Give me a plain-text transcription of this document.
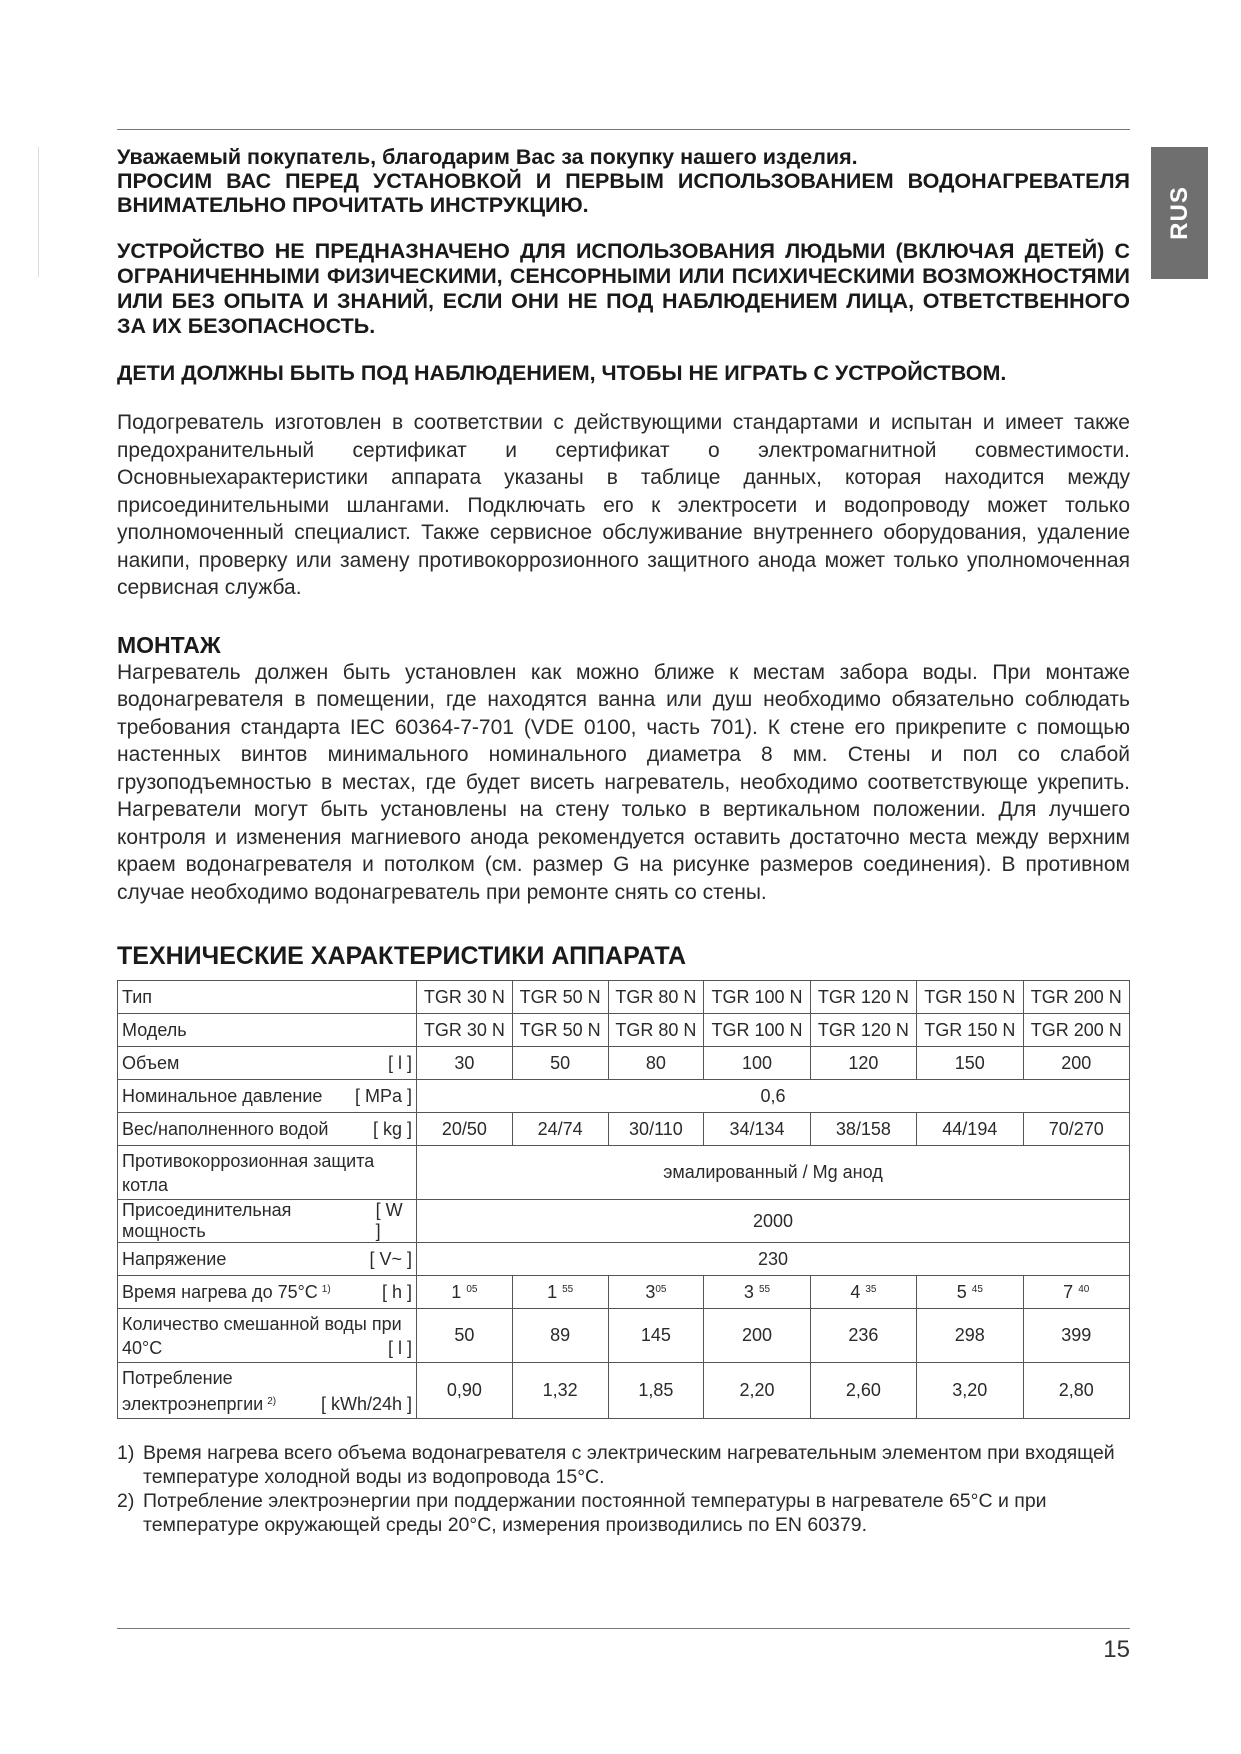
RUS

Уважаемый покупатель, благодарим Вас за покупку нашего изделия.

ПРОСИМ ВАС ПЕРЕД УСТАНОВКОЙ И ПЕРВЫМ ИСПОЛЬЗОВАНИЕМ ВОДОНАГРЕВАТЕЛЯ ВНИМАТЕЛЬНО ПРОЧИТАТЬ ИНСТРУКЦИЮ.

УСТРОЙСТВО НЕ ПРЕДНАЗНАЧЕНО ДЛЯ ИСПОЛЬЗОВАНИЯ ЛЮДЬМИ (ВКЛЮЧАЯ ДЕТЕЙ) С ОГРАНИЧЕННЫМИ ФИЗИЧЕСКИМИ, СЕНСОРНЫМИ ИЛИ ПСИХИЧЕСКИМИ ВОЗМОЖНОСТЯМИ ИЛИ БЕЗ ОПЫТА И ЗНАНИЙ, ЕСЛИ ОНИ НЕ ПОД НАБЛЮДЕНИЕМ ЛИЦА, ОТВЕТСТВЕННОГО ЗА ИХ БЕЗОПАСНОСТЬ.

ДЕТИ ДОЛЖНЫ БЫТЬ ПОД НАБЛЮДЕНИЕМ, ЧТОБЫ НЕ ИГРАТЬ С УСТРОЙСТВОМ.

Подогреватель изготовлен в соответствии с действующими стандартами и испытан и имеет также предохранительный сертификат и сертификат о электромагнитной совместимости. Основныехарактеристики аппарата указаны в таблице данных, которая находится между присоединительными шлангами. Подключать его к электросети и водопроводу может только уполномоченный специалист. Также сервисное обслуживание внутреннего оборудования, удаление накипи, проверку или замену противокоррозионного защитного анода может только уполномоченная сервисная служба.

МОНТАЖ

Нагреватель должен быть установлен как можно ближе к местам забора воды. При монтаже водонагревателя в помещении, где находятся ванна или душ необходимо обязательно соблюдать требования стандарта IEC 60364-7-701 (VDE 0100, часть 701). К стене его прикрепите с помощью настенных винтов минимального номинального диаметра 8 мм. Стены и пол со слабой грузоподъемностью в местах, где будет висеть нагреватель, необходимо соответствующе укрепить. Нагреватели могут быть установлены на стену только в вертикальном положении. Для лучшего контроля и изменения магниевого анода рекомендуется оставить достаточно места между верхним краем водонагревателя и потолком (см. размер G на рисунке размеров соединения). В противном случае необходимо водонагреватель при ремонте снять со стены.

ТЕХНИЧЕСКИЕ ХАРАКТЕРИСТИКИ АППАРАТА
Тип	TGR 30 N	TGR 50 N	TGR 80 N	TGR 100 N	TGR 120 N	TGR 150 N	TGR 200 N
Модель	TGR 30 N	TGR 50 N	TGR 80 N	TGR 100 N	TGR 120 N	TGR 150 N	TGR 200 N

Объем [ l ]	30	50	80	100	120	150	200

Номинальное давление [ MPa ]	0,6						

Вес/наполненного водой [ kg ]	20/50	24/74	30/110	34/134	38/158	44/194	70/270

Противокоррозионная защита
котла	эмалированный / Mg анод						

Присоединительная мощность
[ W ]	2000						

Напряжение [ V~ ]	230						

Время нагрева до 75°C $^{1)}$ [ h ]	1 $^{05}$	1 $^{55}$	$3^{05}$	3 $^{55}$	4 $^{35}$	5 $^{45}$	7 $^{40}$

Количество смешанной воды при
40°C [ l ]	50	89	145	200	236	298	399

Потребление
электроэнепргии $^{2)}$ [ kWh/24h ]	0,90	1,32	1,85	2,20	2,60	3,20	2,80
1) Время нагрева всего объема водонагревателя с электрическим нагревательным элементом при входящей температуре холодной воды из водопровода 15°C.
2) Потребление электроэнергии при поддержании постоянной температуры в нагревателе 65°C и при температуре окружающей среды 20°C, измерения производились по EN 60379.
15
